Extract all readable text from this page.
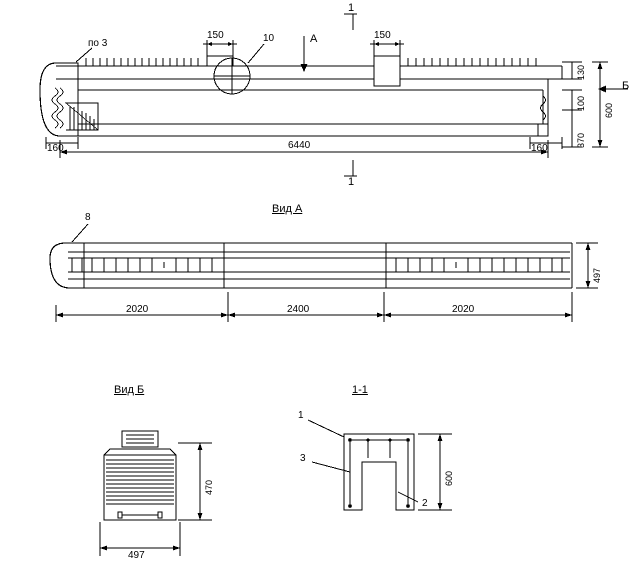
по 3	10
150	150
1
1
А
Б
160	160
6440
130
100
370
600
Вид А
8
2020	2400	2020
497
Вид Б
470
497
1-1
1
3
2
600
